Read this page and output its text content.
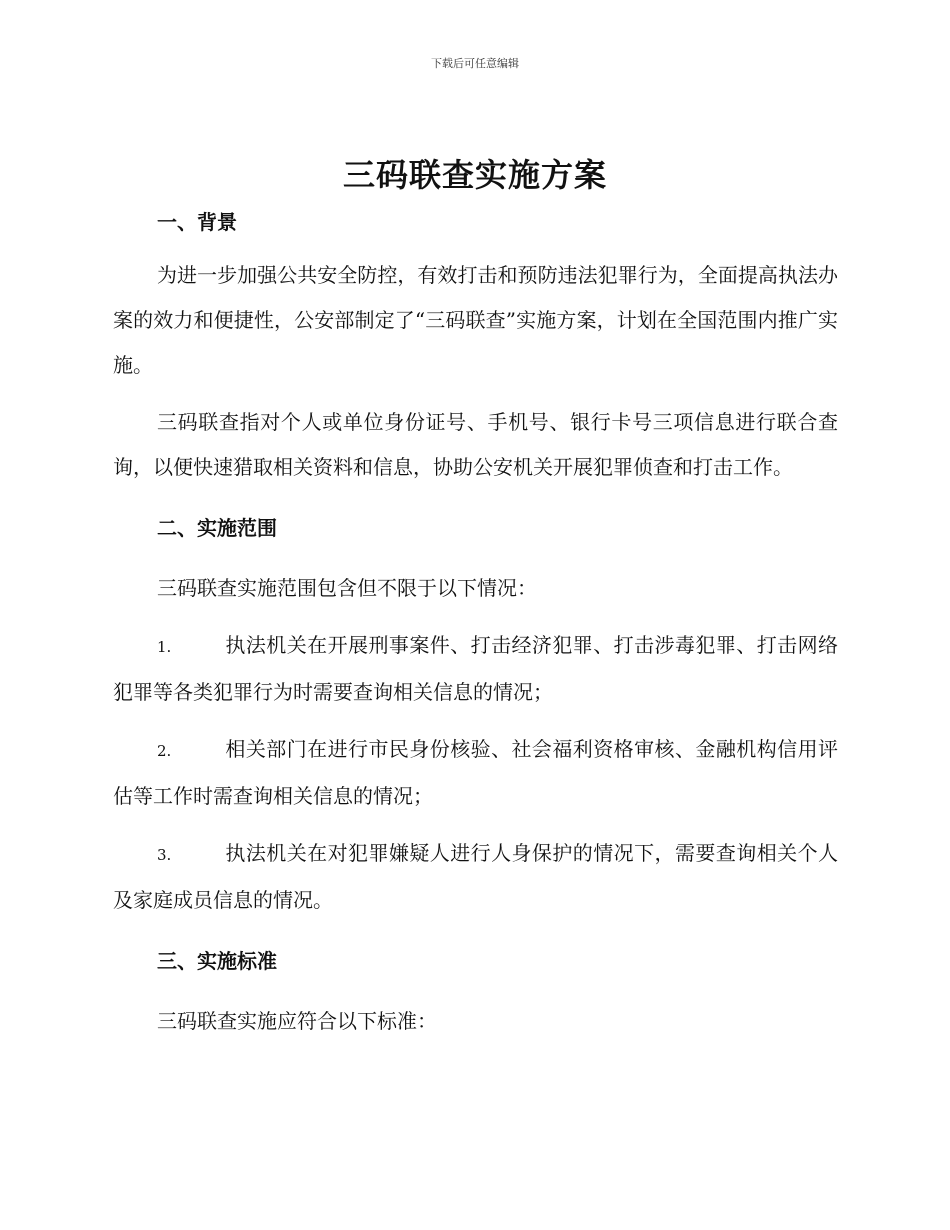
下载后可任意编辑
三码联查实施方案
一、背景

为进一步加强公共安全防控，有效打击和预防违法犯罪行为，全面提高执法办案的效力和便捷性，公安部制定了“三码联查”实施方案，计划在全国范围内推广实施。

三码联查指对个人或单位身份证号、手机号、银行卡号三项信息进行联合查询，以便快速猎取相关资料和信息，协助公安机关开展犯罪侦查和打击工作。

二、实施范围

三码联查实施范围包含但不限于以下情况：

1.	执法机关在开展刑事案件、打击经济犯罪、打击涉毒犯罪、打击网络犯罪等各类犯罪行为时需要查询相关信息的情况；

2.	相关部门在进行市民身份核验、社会福利资格审核、金融机构信用评估等工作时需查询相关信息的情况；

3.	执法机关在对犯罪嫌疑人进行人身保护的情况下，需要查询相关个人及家庭成员信息的情况。

三、实施标准

三码联查实施应符合以下标准：
